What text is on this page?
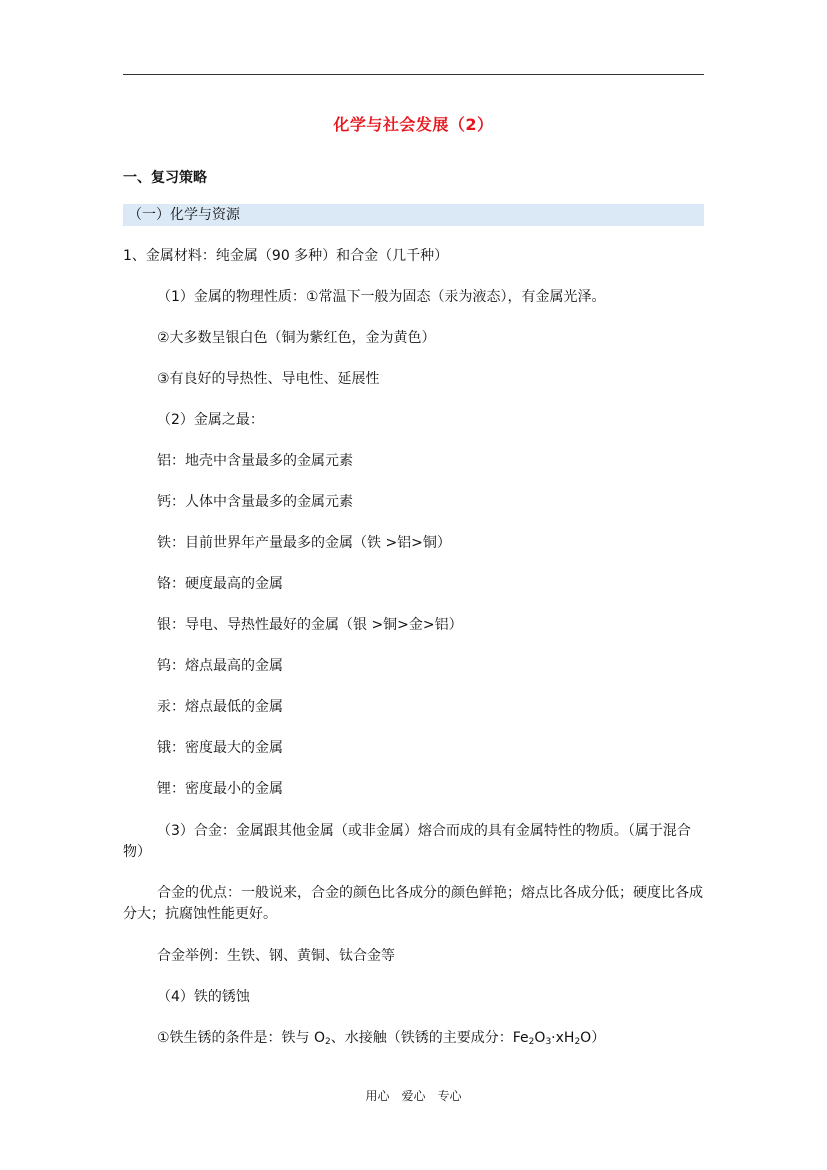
化学与社会发展（2）
一、复习策略
（一）化学与资源
1、金属材料：纯金属（90 多种）和合金（几千种）
（1）金属的物理性质：①常温下一般为固态（汞为液态），有金属光泽。
②大多数呈银白色（铜为紫红色，金为黄色）
③有良好的导热性、导电性、延展性
（2）金属之最：
铝：地壳中含量最多的金属元素
钙：人体中含量最多的金属元素
铁：目前世界年产量最多的金属（铁 >铝>铜）
铬：硬度最高的金属
银：导电、导热性最好的金属（银 >铜>金>铝）
钨：熔点最高的金属
汞：熔点最低的金属
锇：密度最大的金属
锂：密度最小的金属
（3）合金：金属跟其他金属（或非金属）熔合而成的具有金属特性的物质。（属于混合物）
合金的优点：一般说来，合金的颜色比各成分的颜色鲜艳；熔点比各成分低；硬度比各成分大；抗腐蚀性能更好。
合金举例：生铁、钢、黄铜、钛合金等
（4）铁的锈蚀
①铁生锈的条件是：铁与 $O_2$、水接触（铁锈的主要成分：$Fe_2O_3\cdot xH_2O$）
用心　爱心　专心
